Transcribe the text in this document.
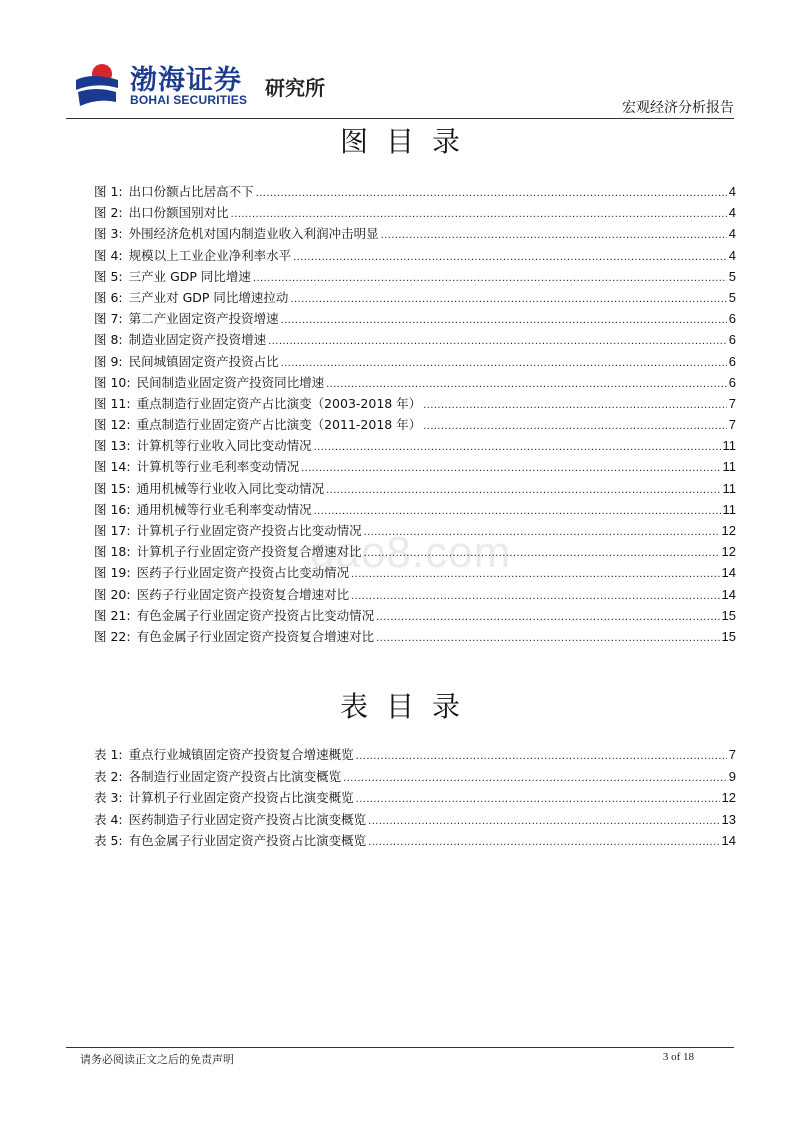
渤海证券
BOHAI SECURITIES 研究所
宏观经济分析报告
图目录
图 1: 出口份额占比居高不下 .....	4
图 2: 出口份额国别对比 .....	4
图 3: 外围经济危机对国内制造业收入利润冲击明显 .....	4
图 4: 规模以上工业企业净利率水平 .....	4
图 5: 三产业 GDP 同比增速 .....	5
图 6: 三产业对 GDP 同比增速拉动 .....	5
图 7: 第二产业固定资产投资增速 .....	6
图 8: 制造业固定资产投资增速 .....	6
图 9: 民间城镇固定资产投资占比 .....	6
图 10: 民间制造业固定资产投资同比增速 .....	6
图 11: 重点制造行业固定资产占比演变（2003-2018 年） .....	7
图 12: 重点制造行业固定资产占比演变（2011-2018 年） .....	7
图 13: 计算机等行业收入同比变动情况 .....	11
图 14: 计算机等行业毛利率变动情况 .....	11
图 15: 通用机械等行业收入同比变动情况 .....	11
图 16: 通用机械等行业毛利率变动情况 .....	11
图 17: 计算机子行业固定资产投资占比变动情况 .....	12
图 18: 计算机子行业固定资产投资复合增速对比 .....	12
图 19: 医药子行业固定资产投资占比变动情况 .....	14
图 20: 医药子行业固定资产投资复合增速对比 .....	14
图 21: 有色金属子行业固定资产投资占比变动情况 .....	15
图 22: 有色金属子行业固定资产投资复合增速对比 .....	15
表目录
表 1: 重点行业城镇固定资产投资复合增速概览 .....	7
表 2: 各制造行业固定资产投资占比演变概览 .....	9
表 3: 计算机子行业固定资产投资占比演变概览 .....	12
表 4: 医药制造子行业固定资产投资占比演变概览 .....	13
表 5: 有色金属子行业固定资产投资占比演变概览 .....	14
gao8.com
请务必阅读正文之后的免责声明	3 of 18
